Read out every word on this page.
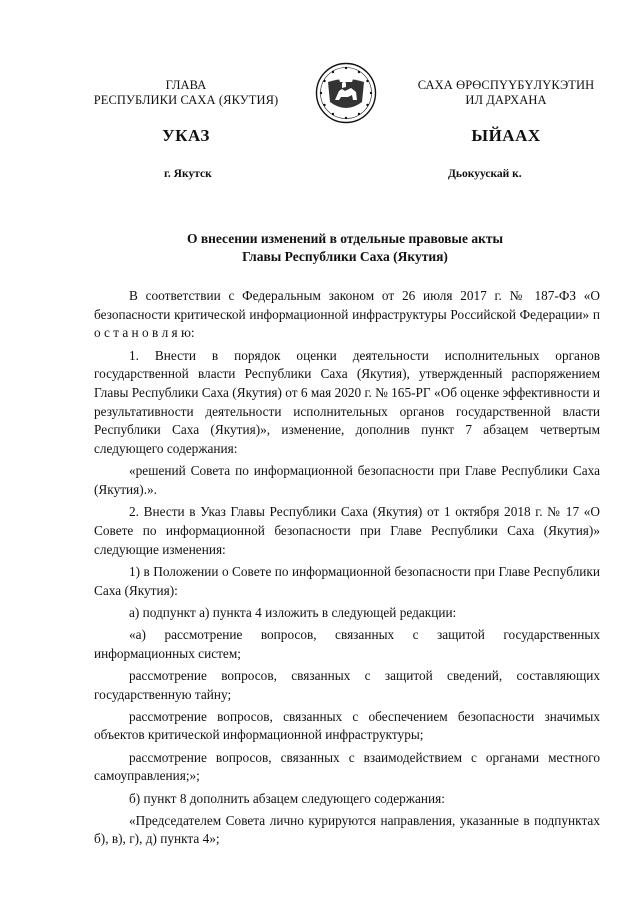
ГЛАВА
РЕСПУБЛИКИ САХА (ЯКУТИЯ)
САХА ӨРӨСПҮҮБҮЛҮКЭТИН
ИЛ ДАРХАНА
УКАЗ	ЫЙААХ
г. Якутск	Дьокуускай к.
О внесении изменений в отдельные правовые акты
Главы Республики Саха (Якутия)

В соответствии с Федеральным законом от 26 июля 2017 г. № 187-ФЗ «О безопасности критической информационной инфраструктуры Российской Федерации» п о с т а н о в л я ю:

1. Внести в порядок оценки деятельности исполнительных органов государственной власти Республики Саха (Якутия), утвержденный распоряжением Главы Республики Саха (Якутия) от 6 мая 2020 г. № 165-РГ «Об оценке эффективности и результативности деятельности исполнительных органов государственной власти Республики Саха (Якутия)», изменение, дополнив пункт 7 абзацем четвертым следующего содержания:

«решений Совета по информационной безопасности при Главе Республики Саха (Якутия).».

2. Внести в Указ Главы Республики Саха (Якутия) от 1 октября 2018 г. № 17 «О Совете по информационной безопасности при Главе Республики Саха (Якутия)» следующие изменения:

1) в Положении о Совете по информационной безопасности при Главе Республики Саха (Якутия):

а) подпункт а) пункта 4 изложить в следующей редакции:

«а) рассмотрение вопросов, связанных с защитой государственных информационных систем;

рассмотрение вопросов, связанных с защитой сведений, составляющих государственную тайну;

рассмотрение вопросов, связанных с обеспечением безопасности значимых объектов критической информационной инфраструктуры;

рассмотрение вопросов, связанных с взаимодействием с органами местного самоуправления;»;

б) пункт 8 дополнить абзацем следующего содержания:

«Председателем Совета лично курируются направления, указанные в подпунктах б), в), г), д) пункта 4»;
